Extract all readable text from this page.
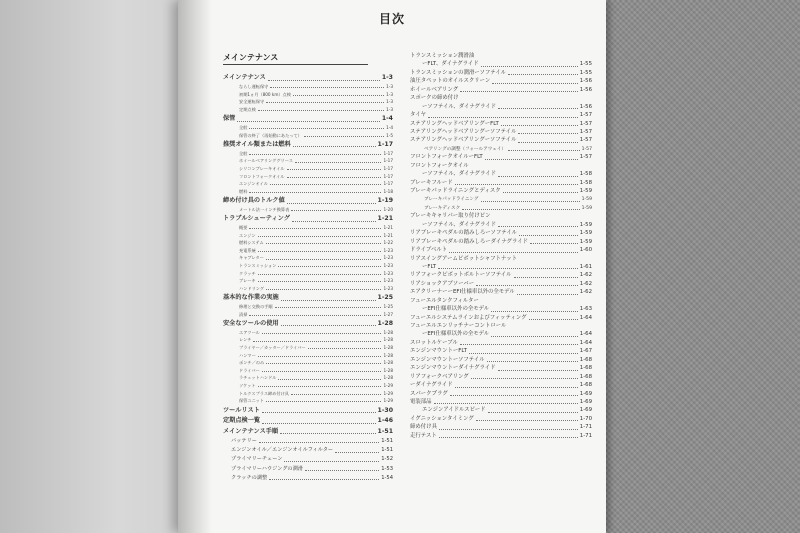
目次
メインテナンス
メインテナンス	1-3
ならし運転保守	1-3
初期1ヵ月（800 km）点検	1-3
安全運転保守	1-3
定期点検	1-3
保管	1-4
全般	1-4
保管の終了（再始動にあたって）	1-5
推奨オイル類または燃料	1-17
全般	1-17
ホイールベアリンググリース	1-17
シリコンブレーキオイル	1-17
フロントフォークオイル	1-17
エンジンオイル	1-17
燃料	1-18
締め付け具のトルク値	1-19
メートル法一インチ換算表	1-20
トラブルシューティング	1-21
概要	1-21
エンジン	1-21
燃料システム	1-22
充電系統	1-23
キャブレター	1-23
トランスミッション	1-23
クラッチ	1-23
ブレーキ	1-23
ハンドリング	1-23
基本的な作業の実施	1-25
修理と交換の手順	1-25
清掃	1-27
安全なツールの使用	1-28
エアツール	1-28
レンチ	1-28
プライヤー／カッター／ドライバー	1-28
ハンマー	1-28
ポンチ／のみ	1-28
ドライバー	1-28
ラチェットハンドル	1-28
ソケット	1-29
トルクスプラス締め付け具	1-29
保管ユニット	1-29
ツールリスト	1-30
定期点検一覧	1-46
メインテナンス手順	1-51
バッテリー	1-51
エンジンオイル／エンジンオイルフィルター	1-51
プライマリーチェーン	1-52
プライマリーハウジングの潤滑	1-53
クラッチの調整	1-54
トランスミッション潤滑油
ーFLT、ダイナグライド	1-55
トランスミッションの潤滑ーソフテイル	1-55
油圧タペットのオイルスクリーン	1-56
ホイールベアリング	1-56
スポークの締め付け
ーソフテイル、ダイナグライド	1-56
タイヤ	1-57
ステアリングヘッドベアリングーFLT	1-57
ステアリングヘッドベアリングーソフテイル	1-57
ステアリングヘッドベアリングーソフテイル	1-57
ベアリングの調整（フォールアウェイ）	1-57
フロントフォークオイルーFLT	1-57
フロントフォークオイル
ーソフテイル、ダイナグライド	1-58
ブレーキフルード	1-58
ブレーキパッドライニングとディスク	1-59
ブレーキパッドライニング	1-59
ブレーキディスク	1-59
ブレーキキャリパー取り付けピン
ーソフテイル、ダイナグライド	1-59
リアブレーキペダルの踏みしろーソフテイル	1-59
リアブレーキペダルの踏みしろーダイナグライド	1-59
ドライブベルト	1-60
リアスイングアームピボットシャフトナット
ーFLT	1-61
リアフォークピボットボルトーソフテイル	1-62
リアショックアブソーバー	1-62
エアクリーナーーEFI仕様車以外の全モデル	1-62
フューエルタンクフィルター
ーEFI仕様車以外の全モデル	1-63
フューエルシステムラインおよびフィッティング	1-64
フューエルエンリッチナーコントロール
ーEFI仕様車以外の全モデル	1-64
スロットルケーブル	1-64
エンジンマウントーFLT	1-67
エンジンマウントーソフテイル	1-68
エンジンマウントーダイナグライド	1-68
リアフォークベアリング	1-68
ーダイナグライド	1-68
スパークプラグ	1-69
電装部品	1-69
エンジンアイドルスピード	1-69
イグニッションタイミング	1-70
締め付け具	1-71
走行テスト	1-71
